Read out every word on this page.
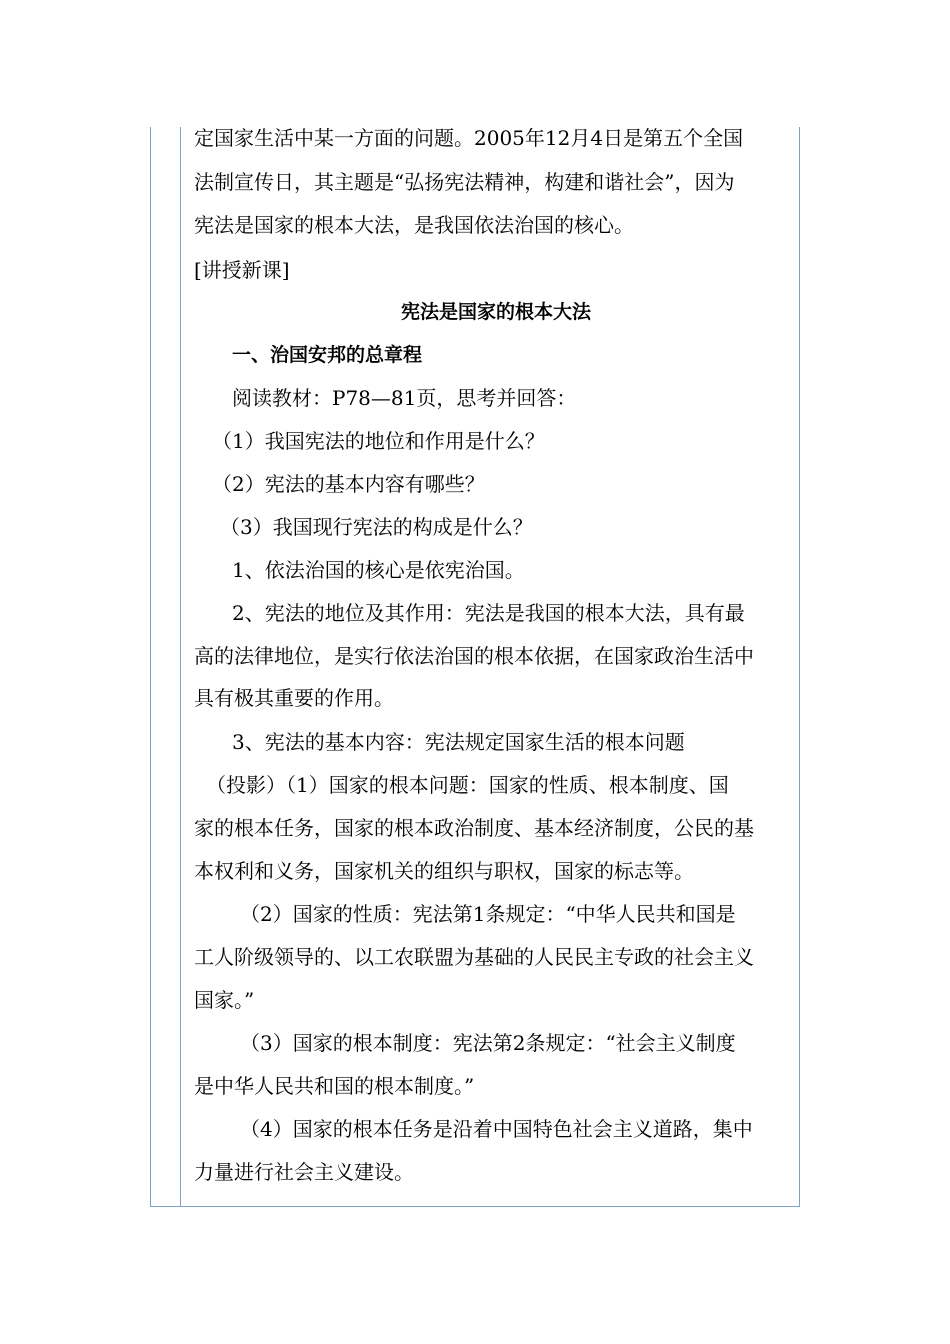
定国家生活中某一方面的问题。2005年12月4日是第五个全国
法制宣传日，其主题是“弘扬宪法精神，构建和谐社会”，因为
宪法是国家的根本大法，是我国依法治国的核心。
[讲授新课]
宪法是国家的根本大法
一、治国安邦的总章程
阅读教材：P78—81页，思考并回答：
（1）我国宪法的地位和作用是什么？
（2）宪法的基本内容有哪些？
（3）我国现行宪法的构成是什么？
1、依法治国的核心是依宪治国。
2、宪法的地位及其作用：宪法是我国的根本大法，具有最
高的法律地位，是实行依法治国的根本依据，在国家政治生活中
具有极其重要的作用。
3、宪法的基本内容：宪法规定国家生活的根本问题
（投影）（1）国家的根本问题：国家的性质、根本制度、国
家的根本任务，国家的根本政治制度、基本经济制度，公民的基
本权利和义务，国家机关的组织与职权，国家的标志等。
（2）国家的性质：宪法第1条规定：“中华人民共和国是
工人阶级领导的、以工农联盟为基础的人民民主专政的社会主义
国家。”
（3）国家的根本制度：宪法第2条规定：“社会主义制度
是中华人民共和国的根本制度。”
（4）国家的根本任务是沿着中国特色社会主义道路，集中
力量进行社会主义建设。
